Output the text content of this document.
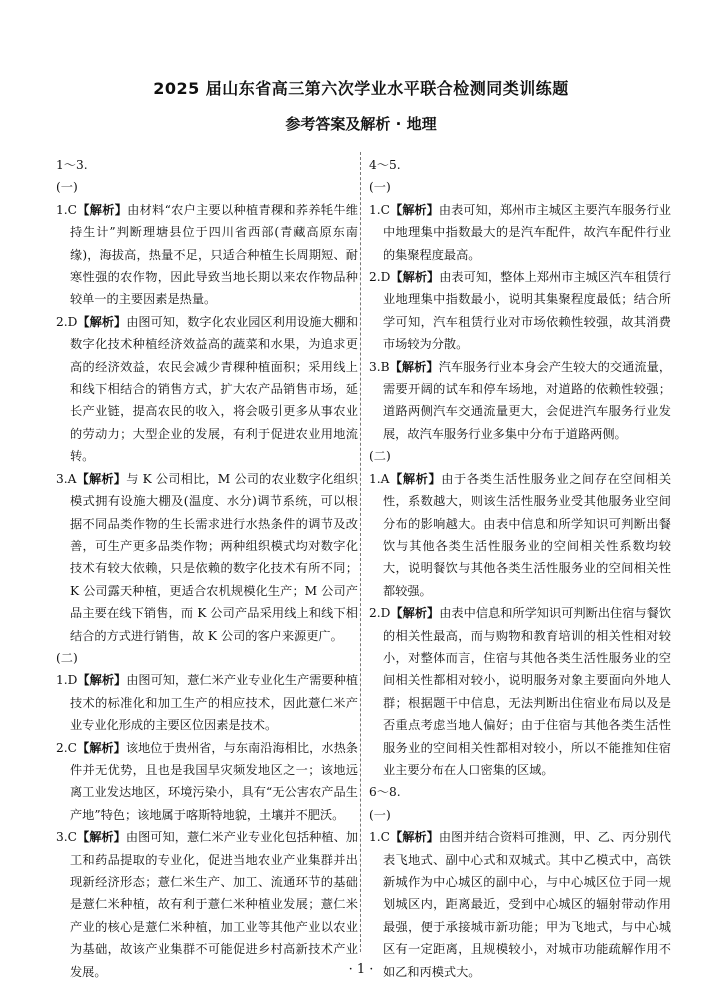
2025 届山东省高三第六次学业水平联合检测同类训练题
参考答案及解析 · 地理
1～3.
(一)
1.C【解析】由材料“农户主要以种植青稞和荞养牦牛维持生计”判断理塘县位于四川省西部(青藏高原东南缘)，海拔高，热量不足，只适合种植生长周期短、耐寒性强的农作物，因此导致当地长期以来农作物品种较单一的主要因素是热量。
2.D【解析】由图可知，数字化农业园区利用设施大棚和数字化技术种植经济效益高的蔬菜和水果，为追求更高的经济效益，农民会减少青稞种植面积；采用线上和线下相结合的销售方式，扩大农产品销售市场，延长产业链，提高农民的收入，将会吸引更多从事农业的劳动力；大型企业的发展，有利于促进农业用地流转。
3.A【解析】与 K 公司相比，M 公司的农业数字化组织模式拥有设施大棚及(温度、水分)调节系统，可以根据不同品类作物的生长需求进行水热条件的调节及改善，可生产更多品类作物；两种组织模式均对数字化技术有较大依赖，只是依赖的数字化技术有所不同；K 公司露天种植，更适合农机规模化生产；M 公司产品主要在线下销售，而 K 公司产品采用线上和线下相结合的方式进行销售，故 K 公司的客户来源更广。
(二)
1.D【解析】由图可知，薏仁米产业专业化生产需要种植技术的标准化和加工生产的相应技术，因此薏仁米产业专业化形成的主要区位因素是技术。
2.C【解析】该地位于贵州省，与东南沿海相比，水热条件并无优势，且也是我国旱灾频发地区之一；该地远离工业发达地区，环境污染小，具有“无公害农产品生产地”特色；该地属于喀斯特地貌，土壤并不肥沃。
3.C【解析】由图可知，薏仁米产业专业化包括种植、加工和药品提取的专业化，促进当地农业产业集群并出现新经济形态；薏仁米生产、加工、流通环节的基础是薏仁米种植，故有利于薏仁米种植业发展；薏仁米产业的核心是薏仁米种植，加工业等其他产业以农业为基础，故该产业集群不可能促进乡村高新技术产业发展。
4～5.
(一)
1.C【解析】由表可知，郑州市主城区主要汽车服务行业中地理集中指数最大的是汽车配件，故汽车配件行业的集聚程度最高。
2.D【解析】由表可知，整体上郑州市主城区汽车租赁行业地理集中指数最小，说明其集聚程度最低；结合所学可知，汽车租赁行业对市场依赖性较强，故其消费市场较为分散。
3.B【解析】汽车服务行业本身会产生较大的交通流量，需要开阔的试车和停车场地，对道路的依赖性较强；道路两侧汽车交通流量更大，会促进汽车服务行业发展，故汽车服务行业多集中分布于道路两侧。
(二)
1.A【解析】由于各类生活性服务业之间存在空间相关性，系数越大，则该生活性服务业受其他服务业空间分布的影响越大。由表中信息和所学知识可判断出餐饮与其他各类生活性服务业的空间相关性系数均较大，说明餐饮与其他各类生活性服务业的空间相关性都较强。
2.D【解析】由表中信息和所学知识可判断出住宿与餐饮的相关性最高，而与购物和教育培训的相关性相对较小，对整体而言，住宿与其他各类生活性服务业的空间相关性都相对较小，说明服务对象主要面向外地人群；根据题干中信息，无法判断出住宿业布局以及是否重点考虑当地人偏好；由于住宿与其他各类生活性服务业的空间相关性都相对较小，所以不能推知住宿业主要分布在人口密集的区域。
6～8.
(一)
1.C【解析】由图并结合资料可推测，甲、乙、丙分别代表飞地式、副中心式和双城式。其中乙模式中，高铁新城作为中心城区的副中心，与中心城区位于同一规划城区内，距离最近，受到中心城区的辐射带动作用最强，便于承接城市新功能；甲为飞地式，与中心城区有一定距离，且规模较小，对城市功能疏解作用不如乙和丙模式大。
· 1 ·
